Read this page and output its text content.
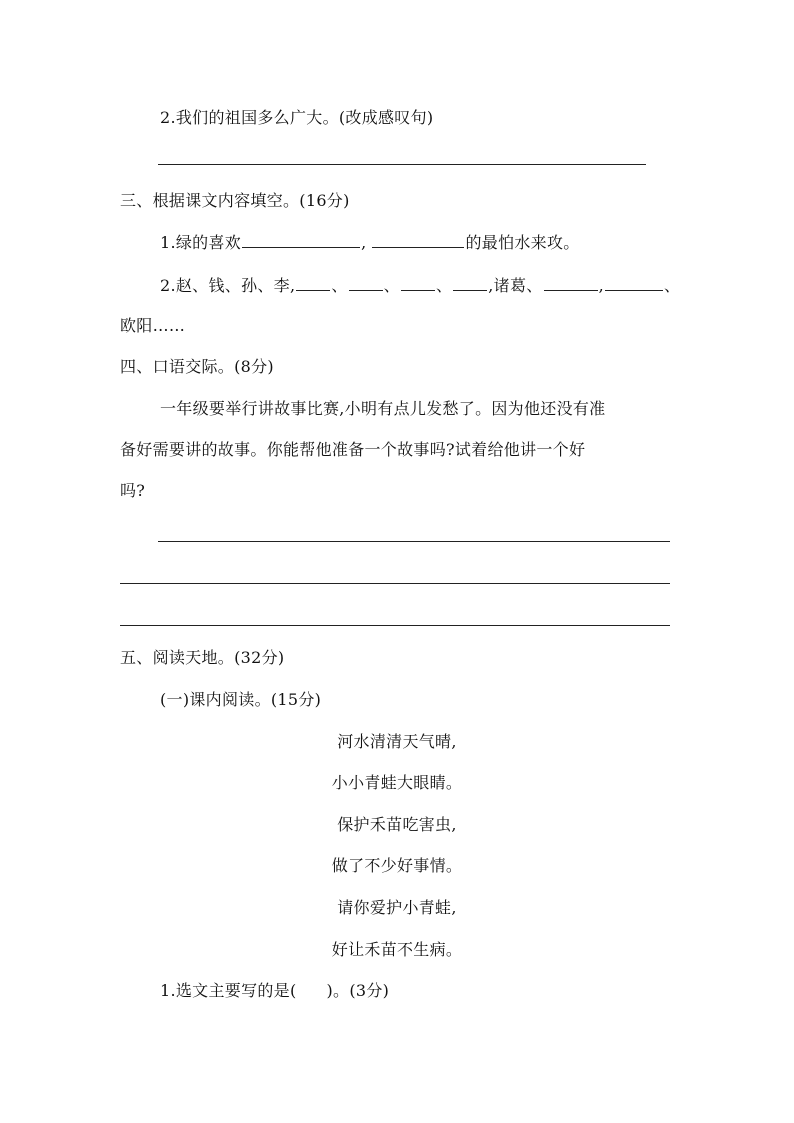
2.我们的祖国多么广大。(改成感叹句)
三、根据课文内容填空。(16分)
1.绿的喜欢	,	的最怕水来攻。
2.赵、钱、孙、李, 、 、 、 ,诸葛、	,	、
欧阳……
四、口语交际。(8分)
一年级要举行讲故事比赛,小明有点儿发愁了。因为他还没有准
备好需要讲的故事。你能帮他准备一个故事吗?试着给他讲一个好
吗?
五、阅读天地。(32分)
(一)课内阅读。(15分)
河水清清天气晴,
小小青蛙大眼睛。
保护禾苗吃害虫,
做了不少好事情。
请你爱护小青蛙,
好让禾苗不生病。
1.选文主要写的是( )。(3分)
